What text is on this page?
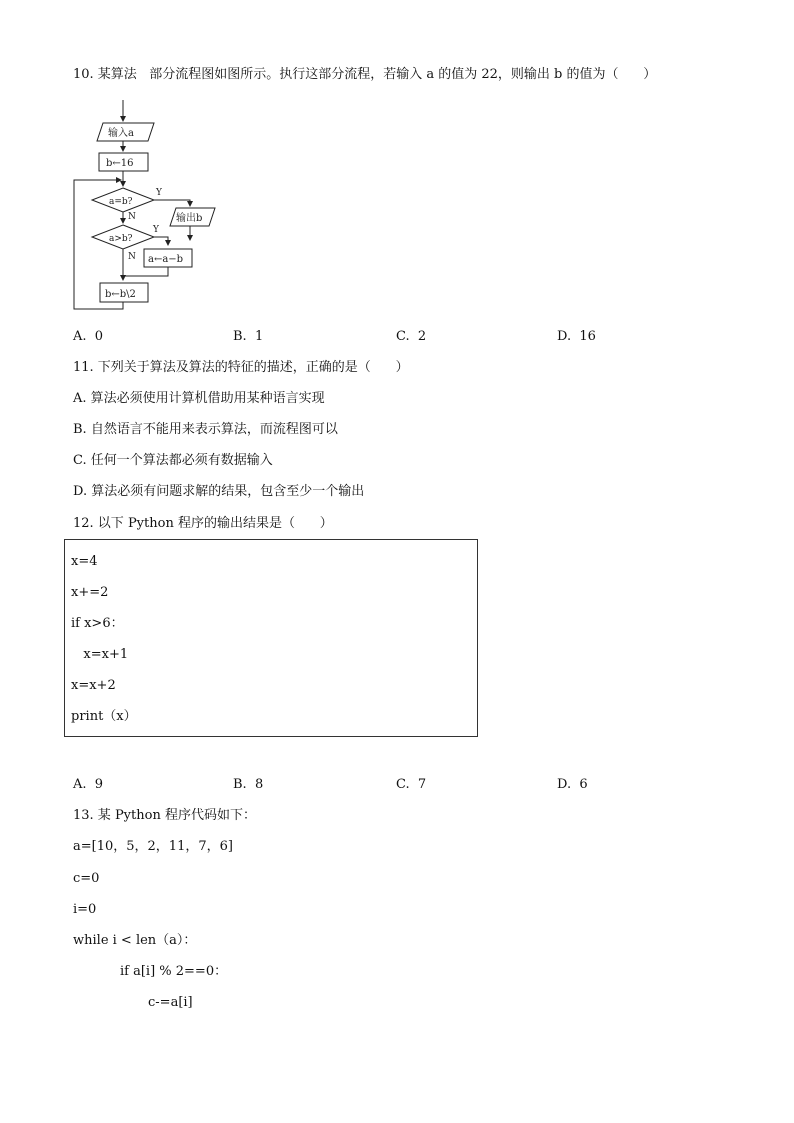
10. 某算法   部分流程图如图所示。执行这部分流程，若输入 a 的值为 22，则输出 b 的值为（      ）
输入a
b←16
a=b?
a>b?
输出b
a←a−b
b←b\2
Y
N
Y
N
A.  0	B.  1	C.  2	D.  16
11. 下列关于算法及算法的特征的描述，正确的是（      ）
A. 算法必须使用计算机借助用某种语言实现
B. 自然语言不能用来表示算法，而流程图可以
C. 任何一个算法都必须有数据输入
D. 算法必须有问题求解的结果，包含至少一个输出
12. 以下 Python 程序的输出结果是（      ）
x=4
x+=2
if x>6：
x=x+1
x=x+2
print（x）
A.  9	B.  8	C.  7	D.  6
13. 某 Python 程序代码如下：
a=[10，5，2，11，7，6]
c=0
i=0
while i < len（a）：
if a[i] % 2==0：
c-=a[i]
